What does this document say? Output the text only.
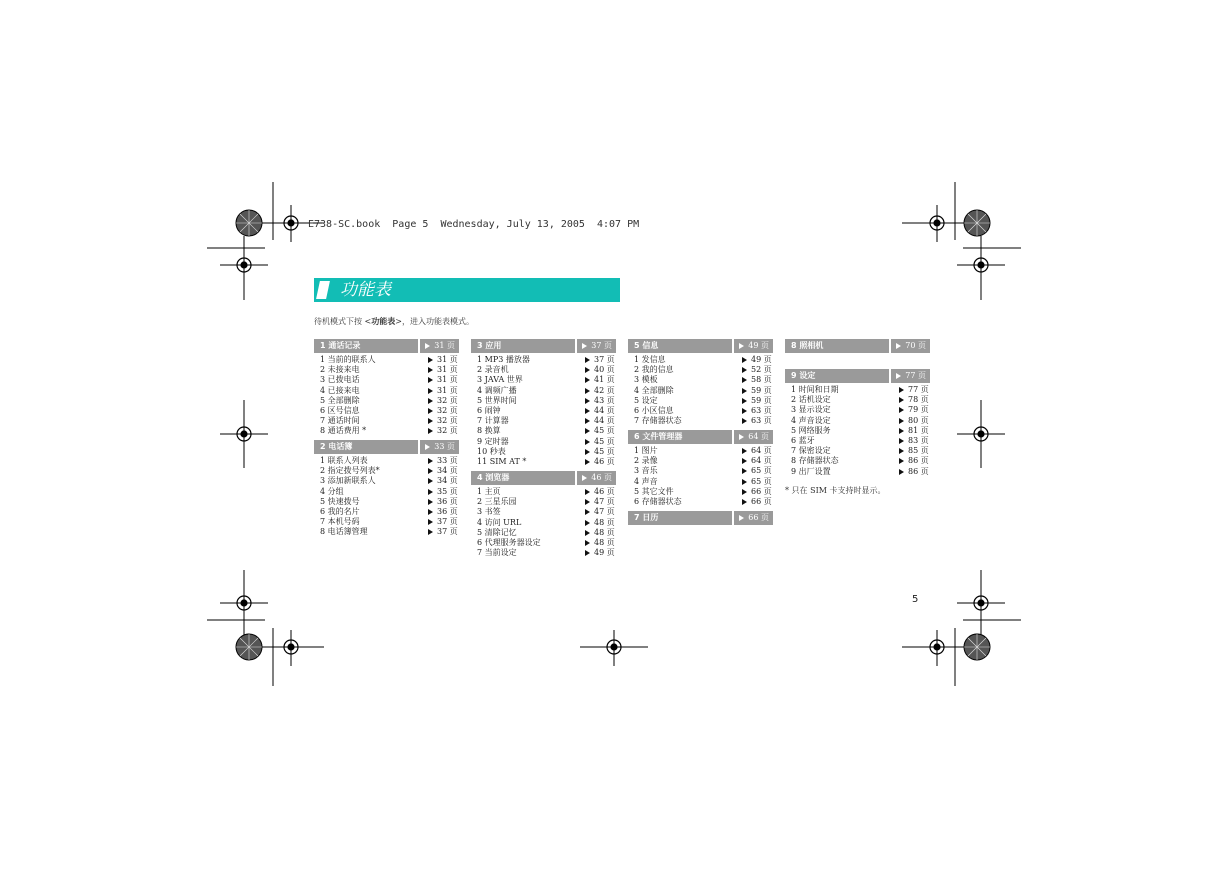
E738-SC.book  Page 5  Wednesday, July 13, 2005  4:07 PM
功能表
待机模式下按 <功能表>，进入功能表模式。
1 通话记录	31 页
1 当前的联系人	31 页
2 未接来电	31 页
3 已拨电话	31 页
4 已接来电	31 页
5 全部删除	32 页
6 区号信息	32 页
7 通话时间	32 页
8 通话费用 *	32 页
2 电话簿	33 页
1 联系人列表	33 页
2 指定拨号列表*	34 页
3 添加新联系人	34 页
4 分组	35 页
5 快速拨号	36 页
6 我的名片	36 页
7 本机号码	37 页
8 电话簿管理	37 页
3 应用	37 页
1 MP3 播放器	37 页
2 录音机	40 页
3 JAVA 世界	41 页
4 调频广播	42 页
5 世界时间	43 页
6 闹钟	44 页
7 计算器	44 页
8 换算	45 页
9 定时器	45 页
10 秒表	45 页
11 SIM AT *	46 页
4 浏览器	46 页
1 主页	46 页
2 三星乐园	47 页
3 书签	47 页
4 访问 URL	48 页
5 清除记忆	48 页
6 代理服务器设定	48 页
7 当前设定	49 页
5 信息	49 页
1 发信息	49 页
2 我的信息	52 页
3 模板	58 页
4 全部删除	59 页
5 设定	59 页
6 小区信息	63 页
7 存储器状态	63 页
6 文件管理器	64 页
1 图片	64 页
2 录像	64 页
3 音乐	65 页
4 声音	65 页
5 其它文件	66 页
6 存储器状态	66 页
7 日历	66 页
8 照相机	70 页
9 设定	77 页
1 时间和日期	77 页
2 话机设定	78 页
3 显示设定	79 页
4 声音设定	80 页
5 网络服务	81 页
6 蓝牙	83 页
7 保密设定	85 页
8 存储器状态	86 页
9 出厂设置	86 页
* 只在 SIM 卡支持时显示。
5
